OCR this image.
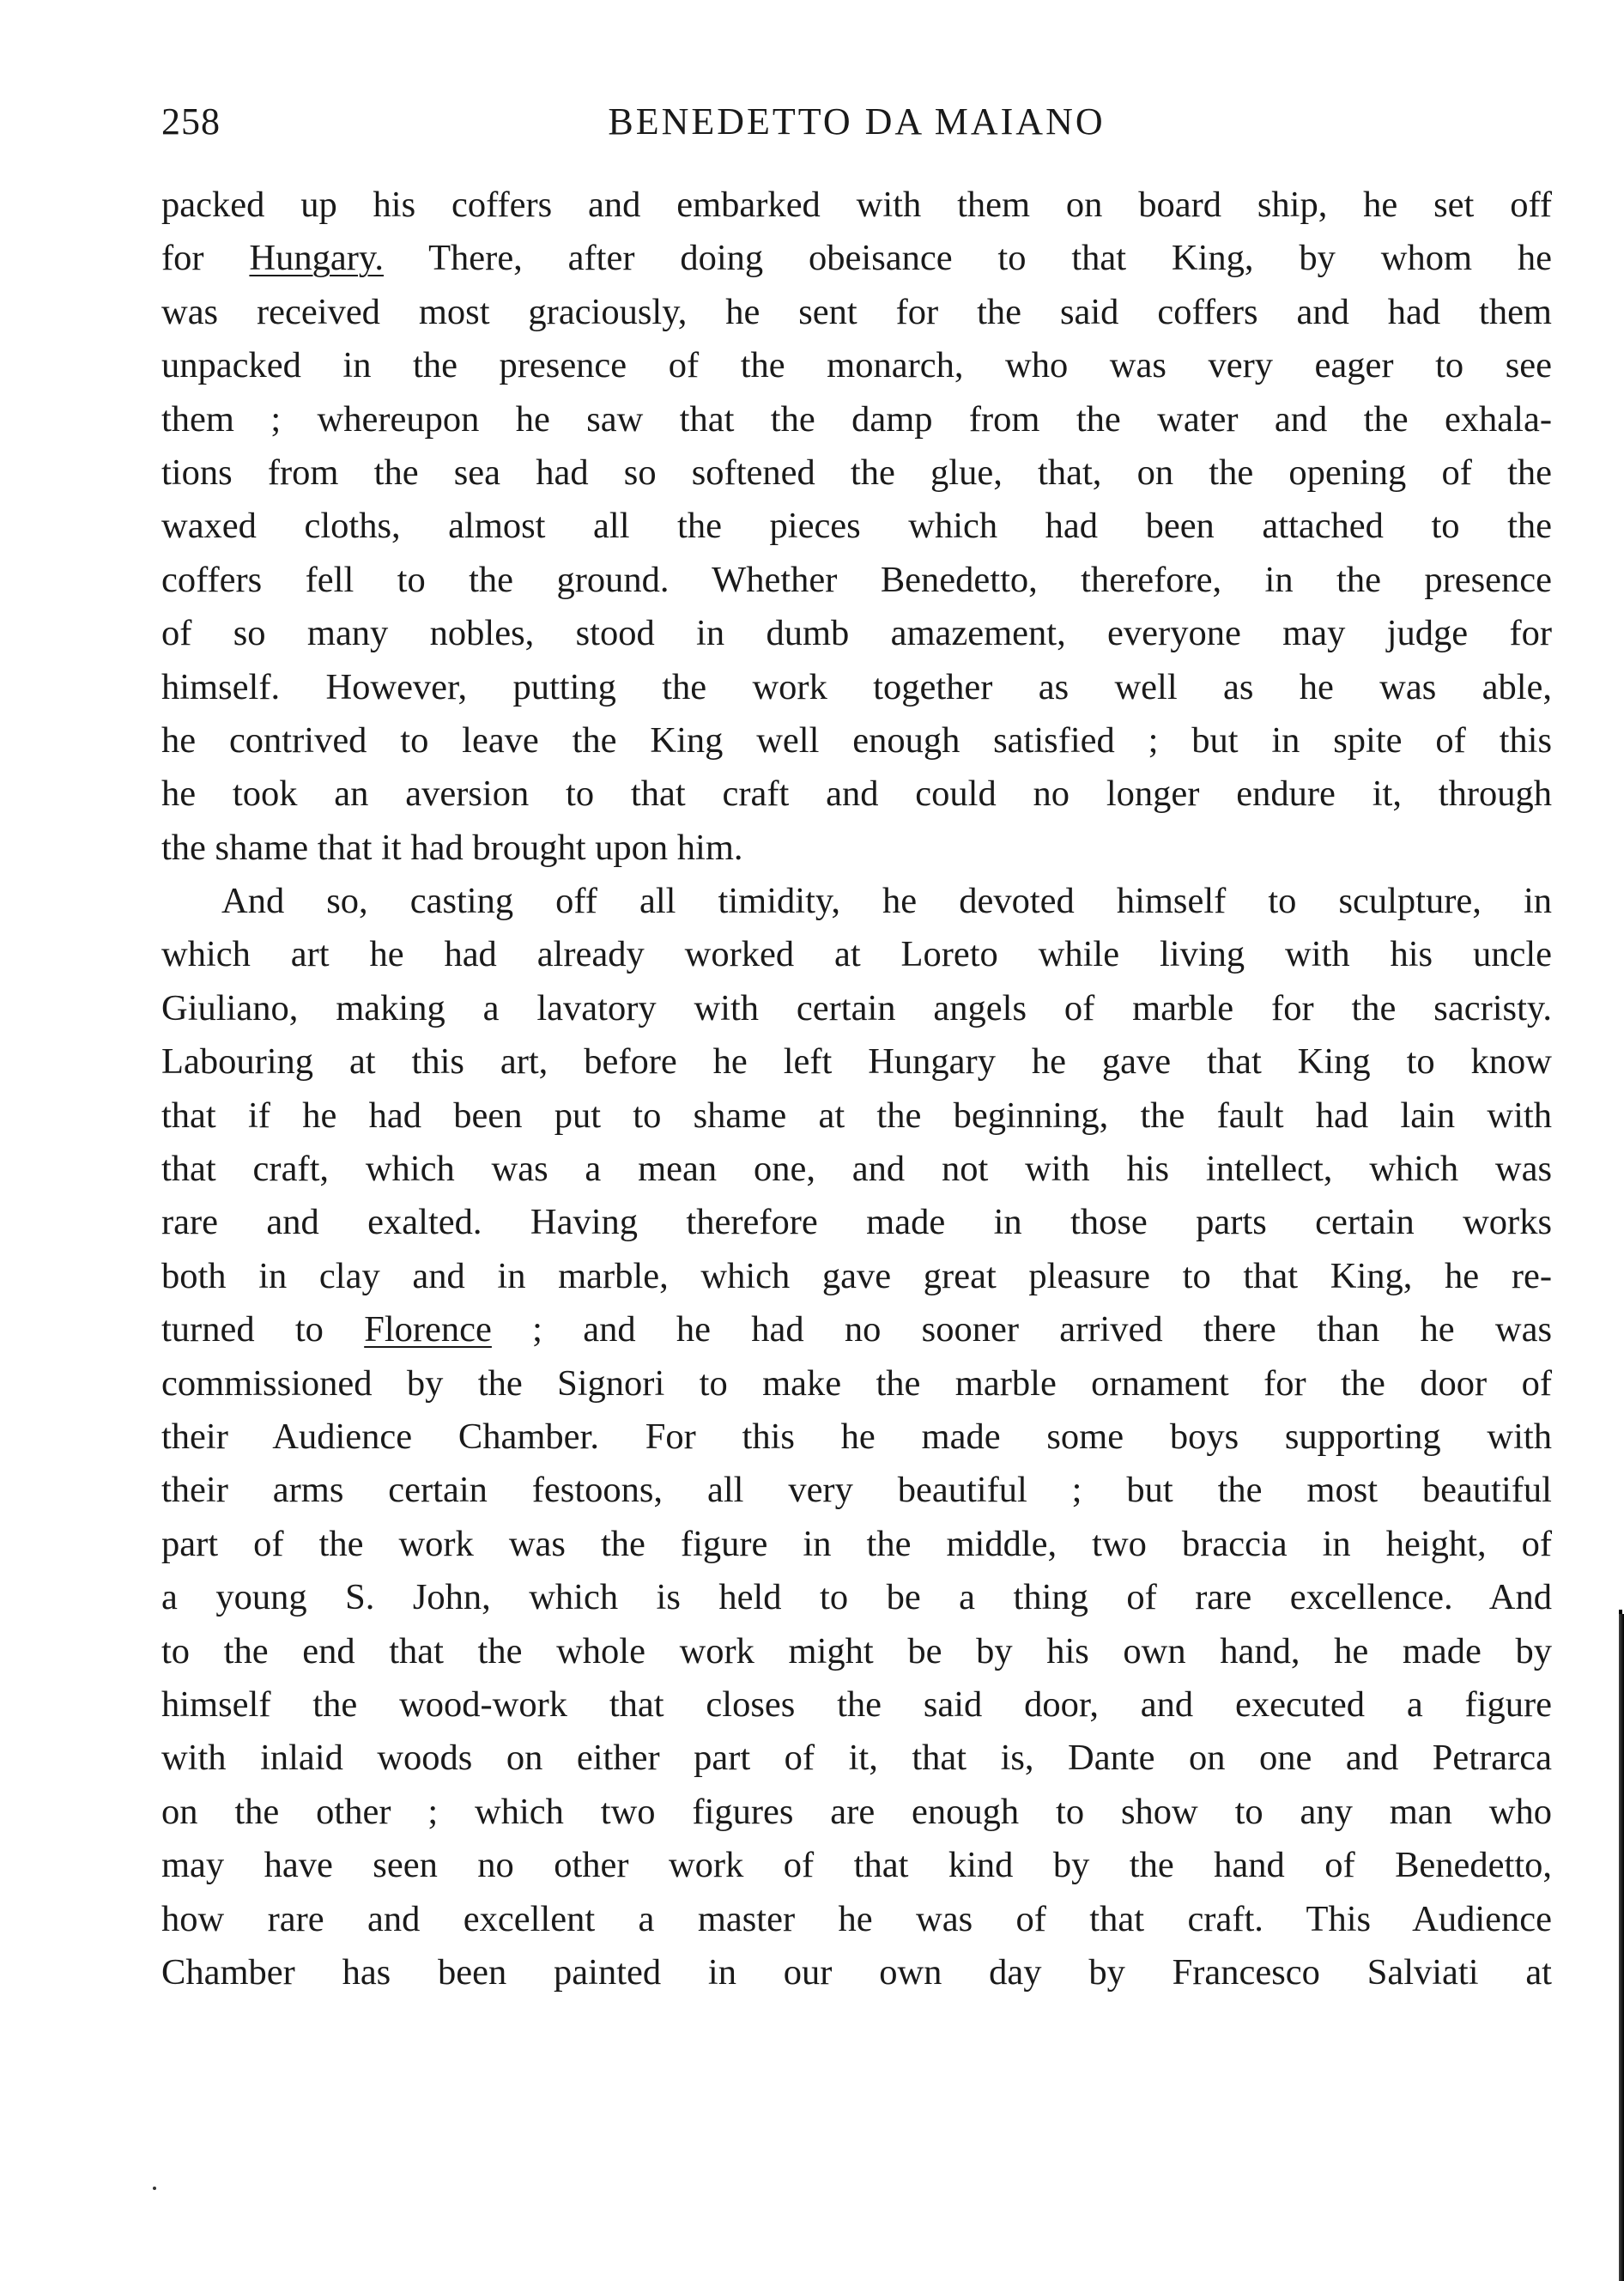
258	BENEDETTO DA MAIANO
packed up his coffers and embarked with them on board ship, he set off
for Hungary. There, after doing obeisance to that King, by whom he
was received most graciously, he sent for the said coffers and had them
unpacked in the presence of the monarch, who was very eager to see
them ; whereupon he saw that the damp from the water and the exhala-
tions from the sea had so softened the glue, that, on the opening of the
waxed cloths, almost all the pieces which had been attached to the
coffers fell to the ground. Whether Benedetto, therefore, in the presence
of so many nobles, stood in dumb amazement, everyone may judge for
himself. However, putting the work together as well as he was able,
he contrived to leave the King well enough satisfied ; but in spite of this
he took an aversion to that craft and could no longer endure it, through
the shame that it had brought upon him.
And so, casting off all timidity, he devoted himself to sculpture, in
which art he had already worked at Loreto while living with his uncle
Giuliano, making a lavatory with certain angels of marble for the sacristy.
Labouring at this art, before he left Hungary he gave that King to know
that if he had been put to shame at the beginning, the fault had lain with
that craft, which was a mean one, and not with his intellect, which was
rare and exalted. Having therefore made in those parts certain works
both in clay and in marble, which gave great pleasure to that King, he re-
turned to Florence ; and he had no sooner arrived there than he was
commissioned by the Signori to make the marble ornament for the door of
their Audience Chamber. For this he made some boys supporting with
their arms certain festoons, all very beautiful ; but the most beautiful
part of the work was the figure in the middle, two braccia in height, of
a young S. John, which is held to be a thing of rare excellence. And
to the end that the whole work might be by his own hand, he made by
himself the wood-work that closes the said door, and executed a figure
with inlaid woods on either part of it, that is, Dante on one and Petrarca
on the other ; which two figures are enough to show to any man who
may have seen no other work of that kind by the hand of Benedetto,
how rare and excellent a master he was of that craft. This Audience
Chamber has been painted in our own day by Francesco Salviati at
